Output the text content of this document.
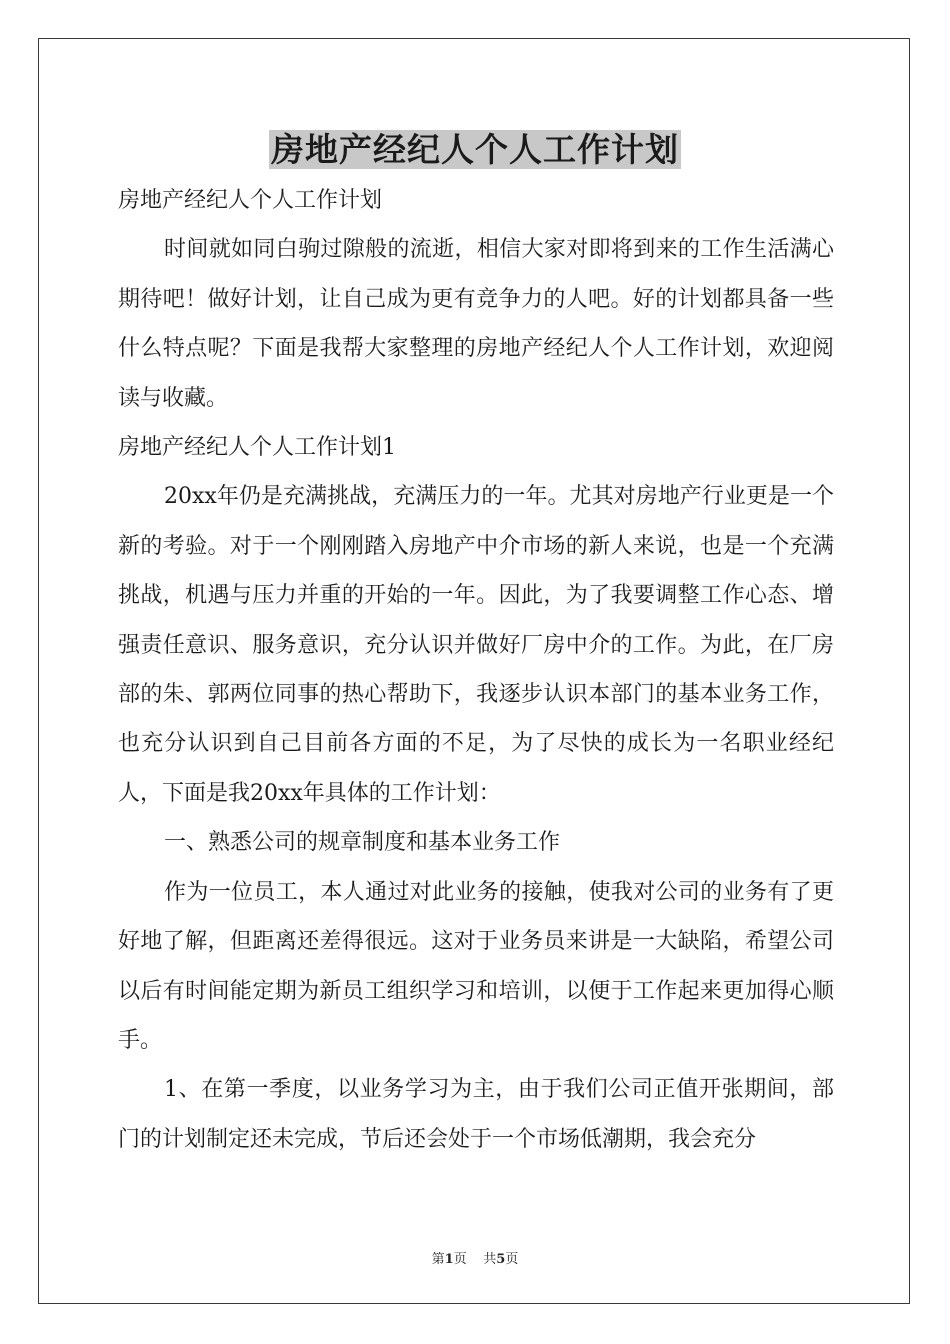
房地产经纪人个人工作计划

房地产经纪人个人工作计划

时间就如同白驹过隙般的流逝，相信大家对即将到来的工作生活满心期待吧！做好计划，让自己成为更有竞争力的人吧。好的计划都具备一些什么特点呢？下面是我帮大家整理的房地产经纪人个人工作计划，欢迎阅读与收藏。

房地产经纪人个人工作计划1

20xx年仍是充满挑战，充满压力的一年。尤其对房地产行业更是一个新的考验。对于一个刚刚踏入房地产中介市场的新人来说，也是一个充满挑战，机遇与压力并重的开始的一年。因此，为了我要调整工作心态、增强责任意识、服务意识，充分认识并做好厂房中介的工作。为此，在厂房部的朱、郭两位同事的热心帮助下，我逐步认识本部门的基本业务工作，也充分认识到自己目前各方面的不足，为了尽快的成长为一名职业经纪人，下面是我20xx年具体的工作计划：

一、熟悉公司的规章制度和基本业务工作

作为一位员工，本人通过对此业务的接触，使我对公司的业务有了更好地了解，但距离还差得很远。这对于业务员来讲是一大缺陷，希望公司以后有时间能定期为新员工组织学习和培训，以便于工作起来更加得心顺手。

1、在第一季度，以业务学习为主，由于我们公司正值开张期间，部门的计划制定还未完成，节后还会处于一个市场低潮期，我会充分

第1页 共5页
